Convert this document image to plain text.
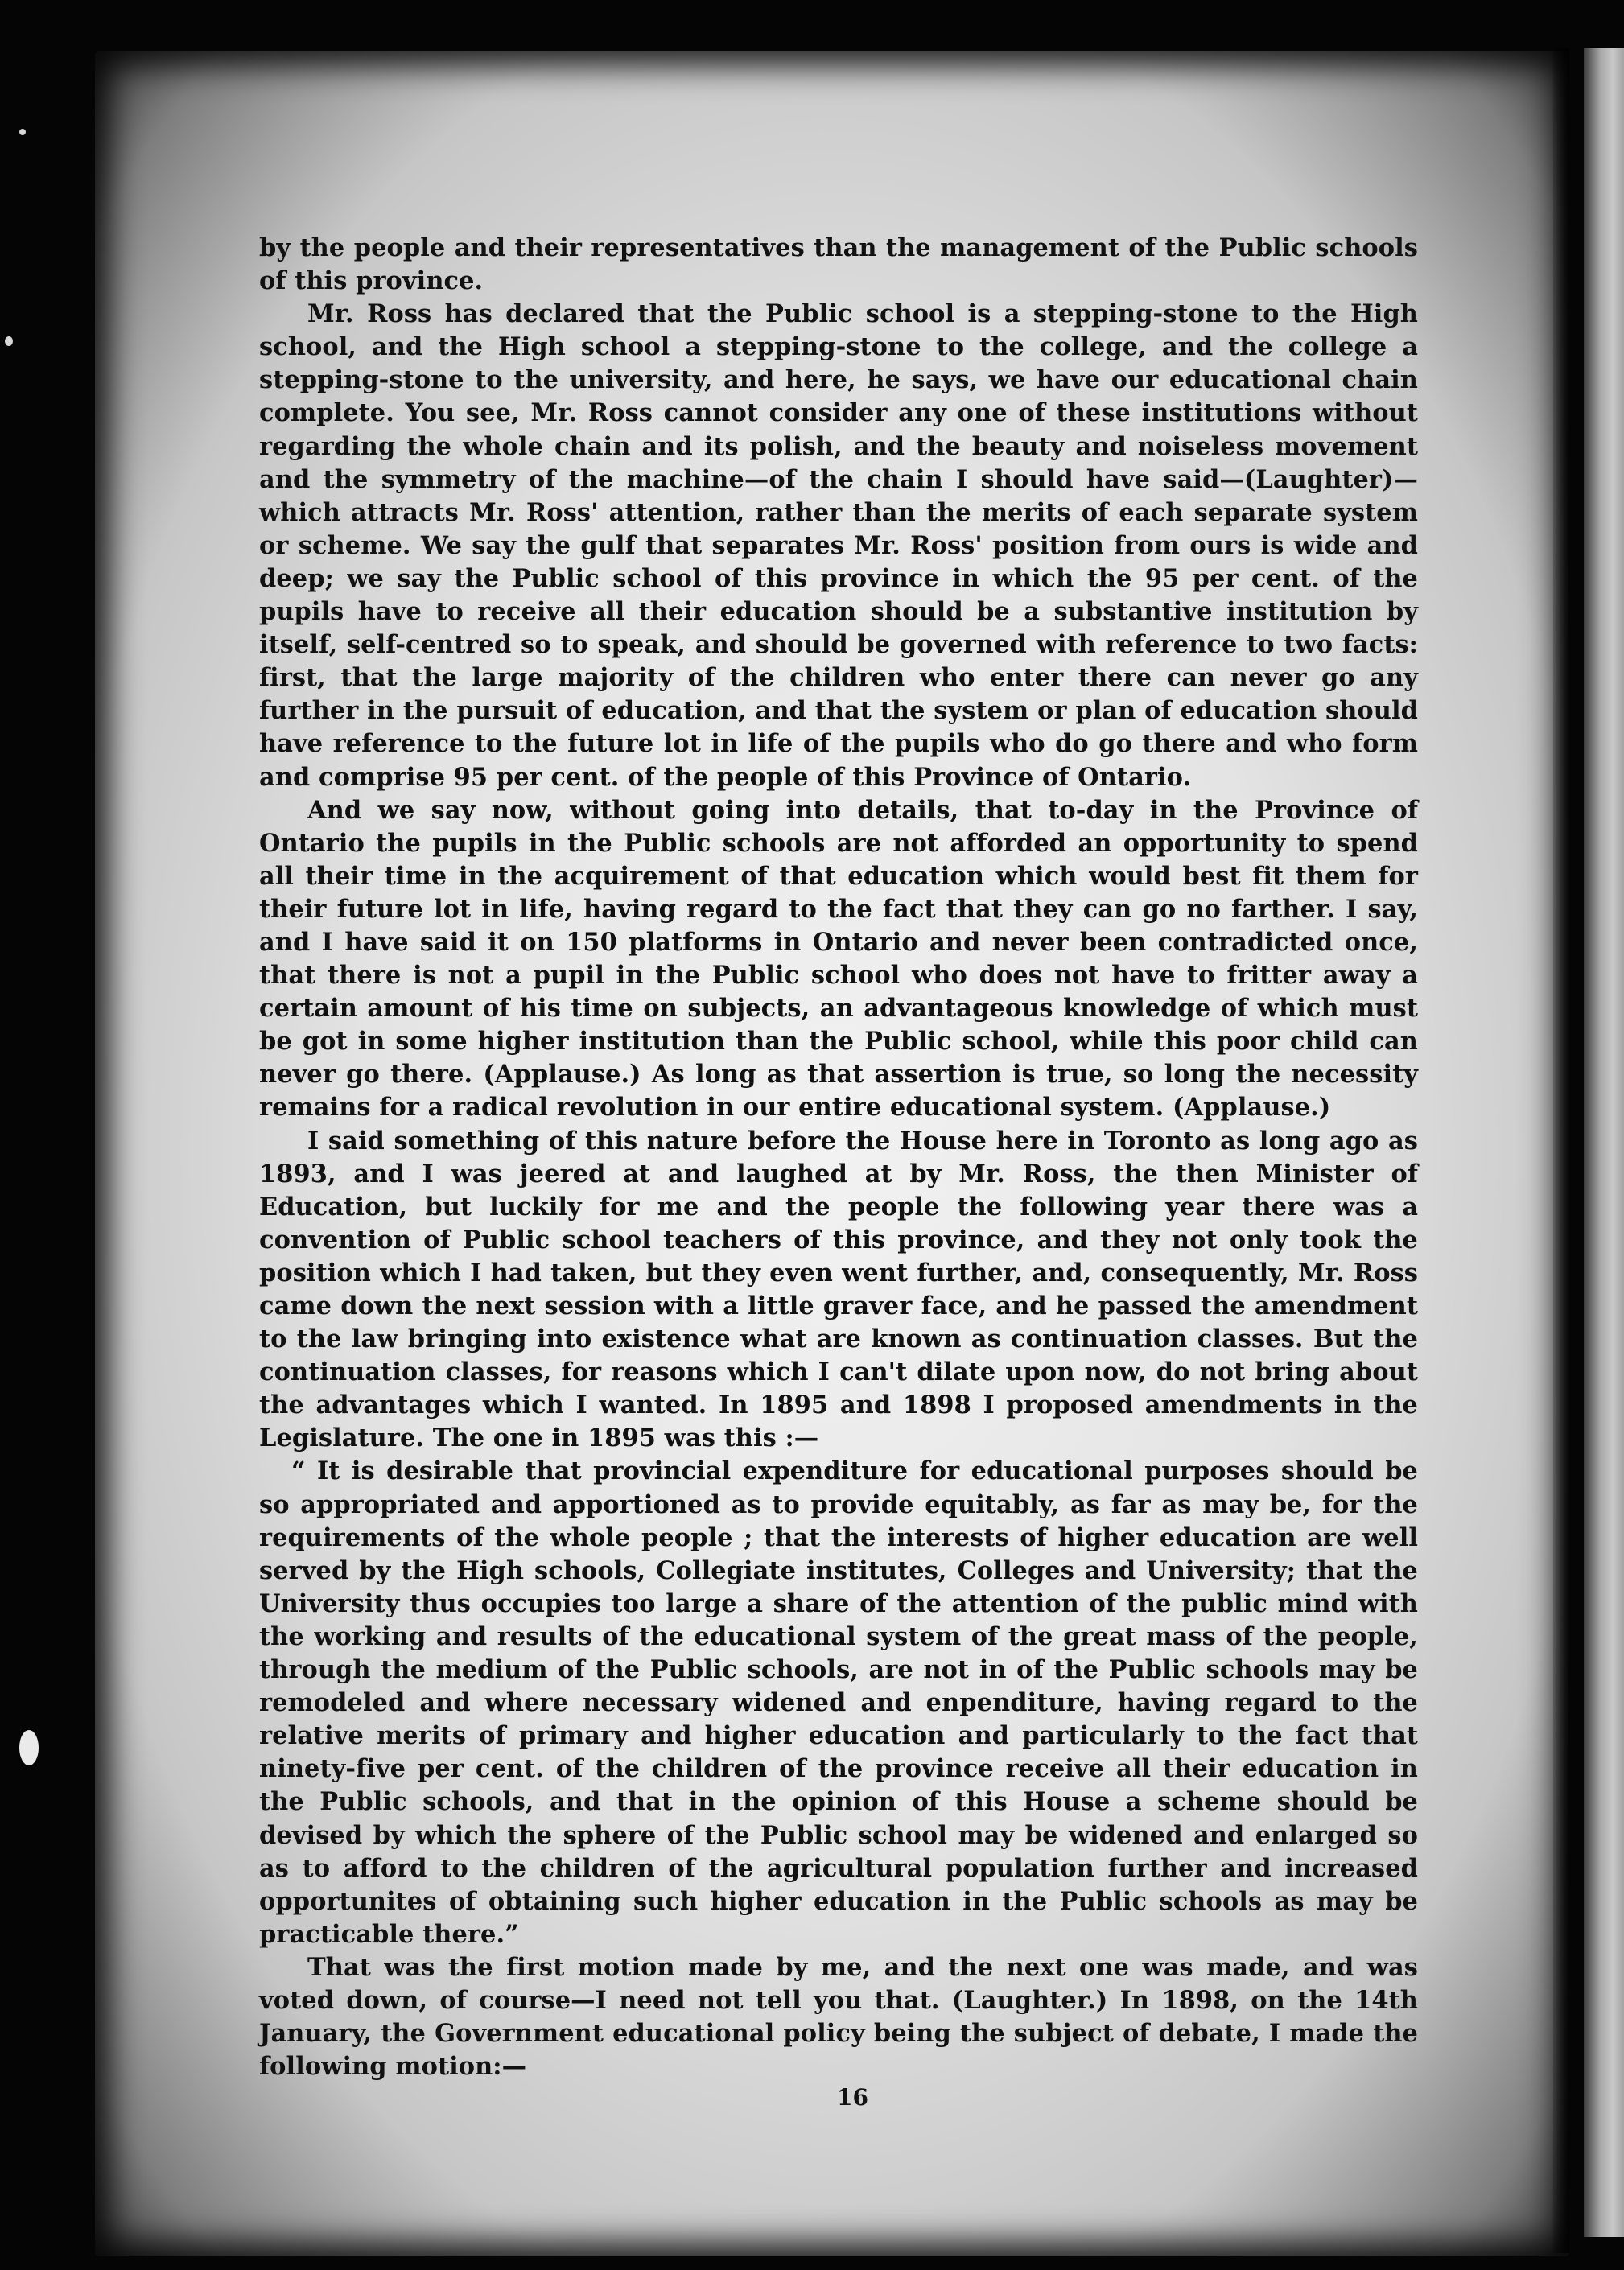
by the people and their representatives than the management of the Public schools of this province.

Mr. Ross has declared that the Public school is a stepping-stone to the High school, and the High school a stepping-stone to the college, and the college a stepping-stone to the university, and here, he says, we have our educational chain complete. You see, Mr. Ross cannot consider any one of these institutions without regarding the whole chain and its polish, and the beauty and noiseless movement and the symmetry of the machine—of the chain I should have said—(Laughter)—which attracts Mr. Ross' attention, rather than the merits of each separate system or scheme. We say the gulf that separates Mr. Ross' position from ours is wide and deep; we say the Public school of this province in which the 95 per cent. of the pupils have to receive all their education should be a substantive institution by itself, self-centred so to speak, and should be governed with reference to two facts: first, that the large majority of the children who enter there can never go any further in the pursuit of education, and that the system or plan of education should have reference to the future lot in life of the pupils who do go there and who form and comprise 95 per cent. of the people of this Province of Ontario.

And we say now, without going into details, that to-day in the Province of Ontario the pupils in the Public schools are not afforded an opportunity to spend all their time in the acquirement of that education which would best fit them for their future lot in life, having regard to the fact that they can go no farther. I say, and I have said it on 150 platforms in Ontario and never been contradicted once, that there is not a pupil in the Public school who does not have to fritter away a certain amount of his time on subjects, an advantageous knowledge of which must be got in some higher institution than the Public school, while this poor child can never go there. (Applause.) As long as that assertion is true, so long the necessity remains for a radical revolution in our entire educational system. (Applause.)

I said something of this nature before the House here in Toronto as long ago as 1893, and I was jeered at and laughed at by Mr. Ross, the then Minister of Education, but luckily for me and the people the following year there was a convention of Public school teachers of this province, and they not only took the position which I had taken, but they even went further, and, consequently, Mr. Ross came down the next session with a little graver face, and he passed the amendment to the law bringing into existence what are known as continuation classes. But the continuation classes, for reasons which I can't dilate upon now, do not bring about the advantages which I wanted. In 1895 and 1898 I proposed amendments in the Legislature. The one in 1895 was this :—

“ It is desirable that provincial expenditure for educational purposes should be so appropriated and apportioned as to provide equitably, as far as may be, for the requirements of the whole people ; that the interests of higher education are well served by the High schools, Collegiate institutes, Colleges and University; that the University thus occupies too large a share of the attention of the public mind with the working and results of the educational system of the great mass of the people, through the medium of the Public schools, are not in of the Public schools may be remodeled and where necessary widened and enpenditure, having regard to the relative merits of primary and higher education and particularly to the fact that ninety-five per cent. of the children of the province receive all their education in the Public schools, and that in the opinion of this House a scheme should be devised by which the sphere of the Public school may be widened and enlarged so as to afford to the children of the agricultural population further and increased opportunites of obtaining such higher education in the Public schools as may be practicable there.”

That was the first motion made by me, and the next one was made, and was voted down, of course—I need not tell you that. (Laughter.) In 1898, on the 14th January, the Government educational policy being the subject of debate, I made the following motion:—

16
